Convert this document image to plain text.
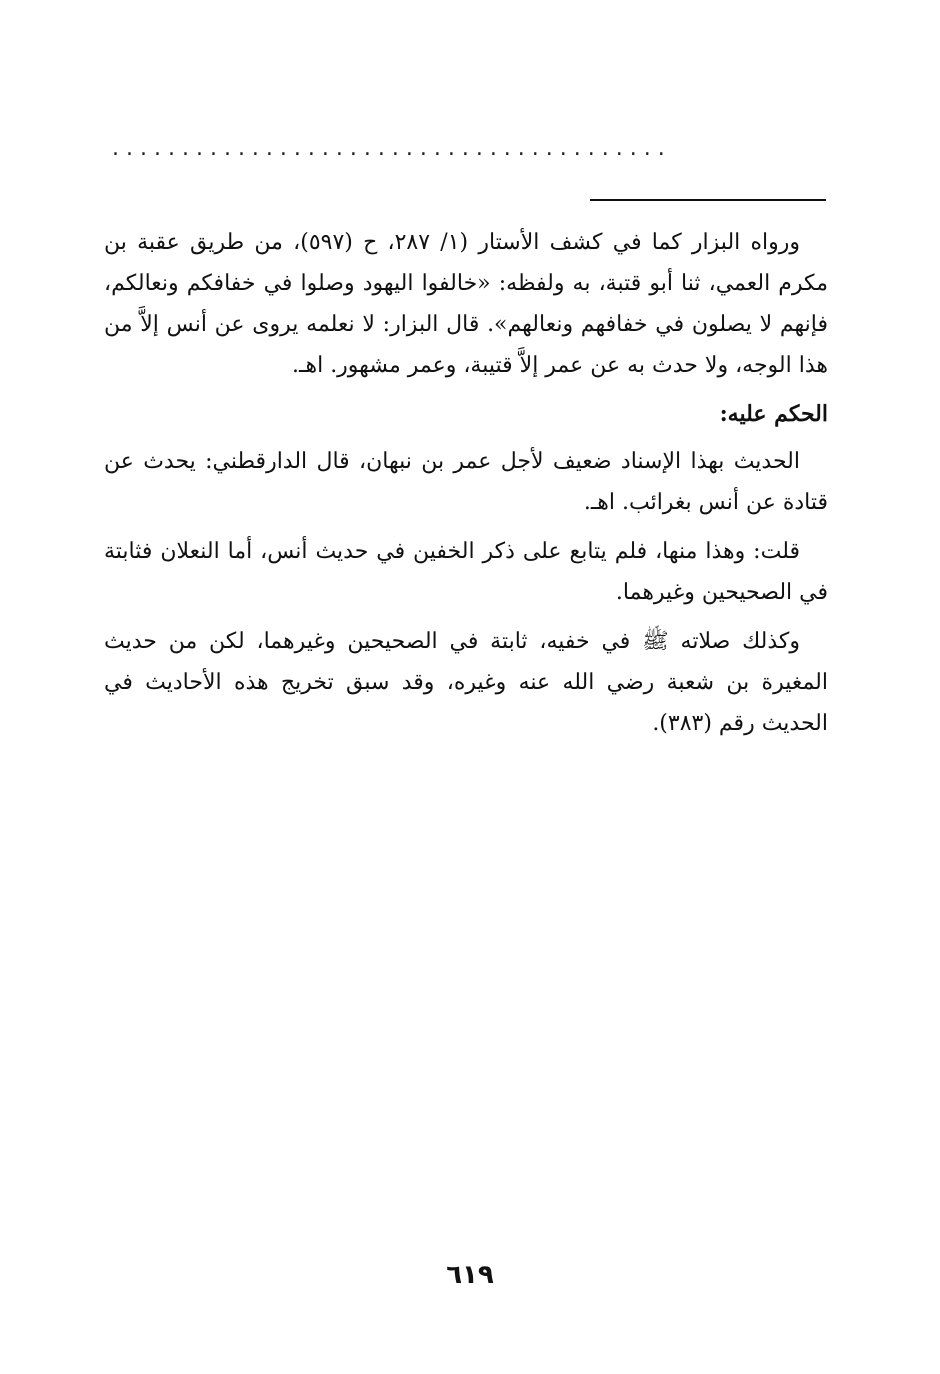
........................................

ورواه البزار كما في كشف الأستار (١/ ٢٨٧، ح (٥٩٧)، من طريق عقبة بن مكرم العمي، ثنا أبو قتبة، به ولفظه: «خالفوا اليهود وصلوا في خفافكم ونعالكم، فإنهم لا يصلون في خفافهم ونعالهم». قال البزار: لا نعلمه يروى عن أنس إلاَّ من هذا الوجه، ولا حدث به عن عمر إلاَّ قتيبة، وعمر مشهور. اهـ.

الحكم عليه:

الحديث بهذا الإسناد ضعيف لأجل عمر بن نبهان، قال الدارقطني: يحدث عن قتادة عن أنس بغرائب. اهـ.

قلت: وهذا منها، فلم يتابع على ذكر الخفين في حديث أنس، أما النعلان فثابتة في الصحيحين وغيرهما.

وكذلك صلاته ﷺ في خفيه، ثابتة في الصحيحين وغيرهما، لكن من حديث المغيرة بن شعبة رضي الله عنه وغيره، وقد سبق تخريج هذه الأحاديث في الحديث رقم (٣٨٣).

٦١٩
